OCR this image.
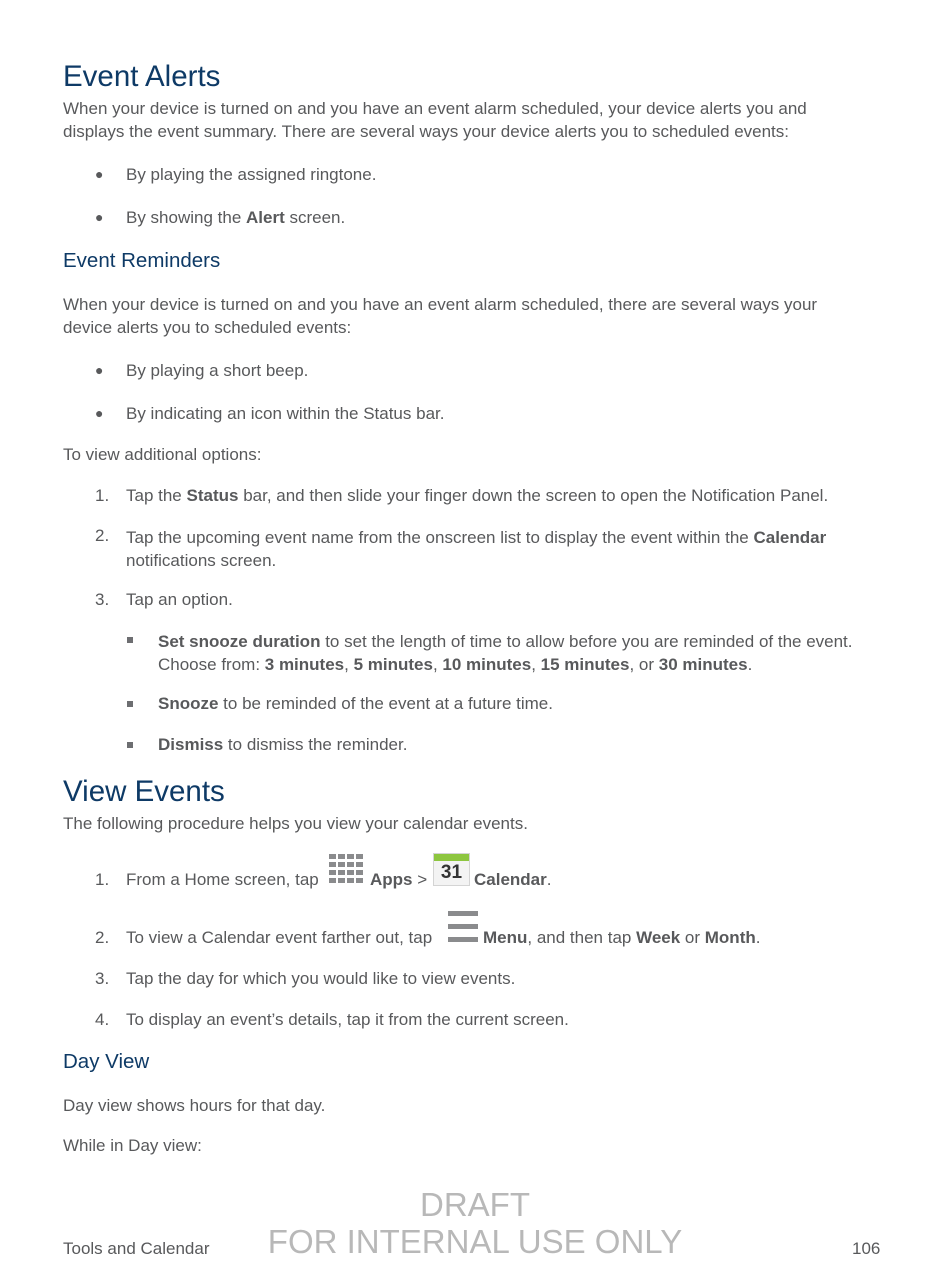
Event Alerts
When your device is turned on and you have an event alarm scheduled, your device alerts you and displays the event summary. There are several ways your device alerts you to scheduled events:
● By playing the assigned ringtone.
● By showing the Alert screen.
Event Reminders
When your device is turned on and you have an event alarm scheduled, there are several ways your device alerts you to scheduled events:
● By playing a short beep.
● By indicating an icon within the Status bar.
To view additional options:
1. Tap the Status bar, and then slide your finger down the screen to open the Notification Panel.
2. Tap the upcoming event name from the onscreen list to display the event within the Calendar notifications screen.
3. Tap an option.
Set snooze duration to set the length of time to allow before you are reminded of the event. Choose from: 3 minutes, 5 minutes, 10 minutes, 15 minutes, or 30 minutes.
Snooze to be reminded of the event at a future time.
Dismiss to dismiss the reminder.
View Events
The following procedure helps you view your calendar events.
1. From a Home screen, tap	Apps > 31 Calendar.
2. To view a Calendar event farther out, tap	Menu, and then tap Week or Month.
3. Tap the day for which you would like to view events.
4. To display an event’s details, tap it from the current screen.
Day View
Day view shows hours for that day.
While in Day view:
DRAFT
FOR INTERNAL USE ONLY
Tools and Calendar	106
